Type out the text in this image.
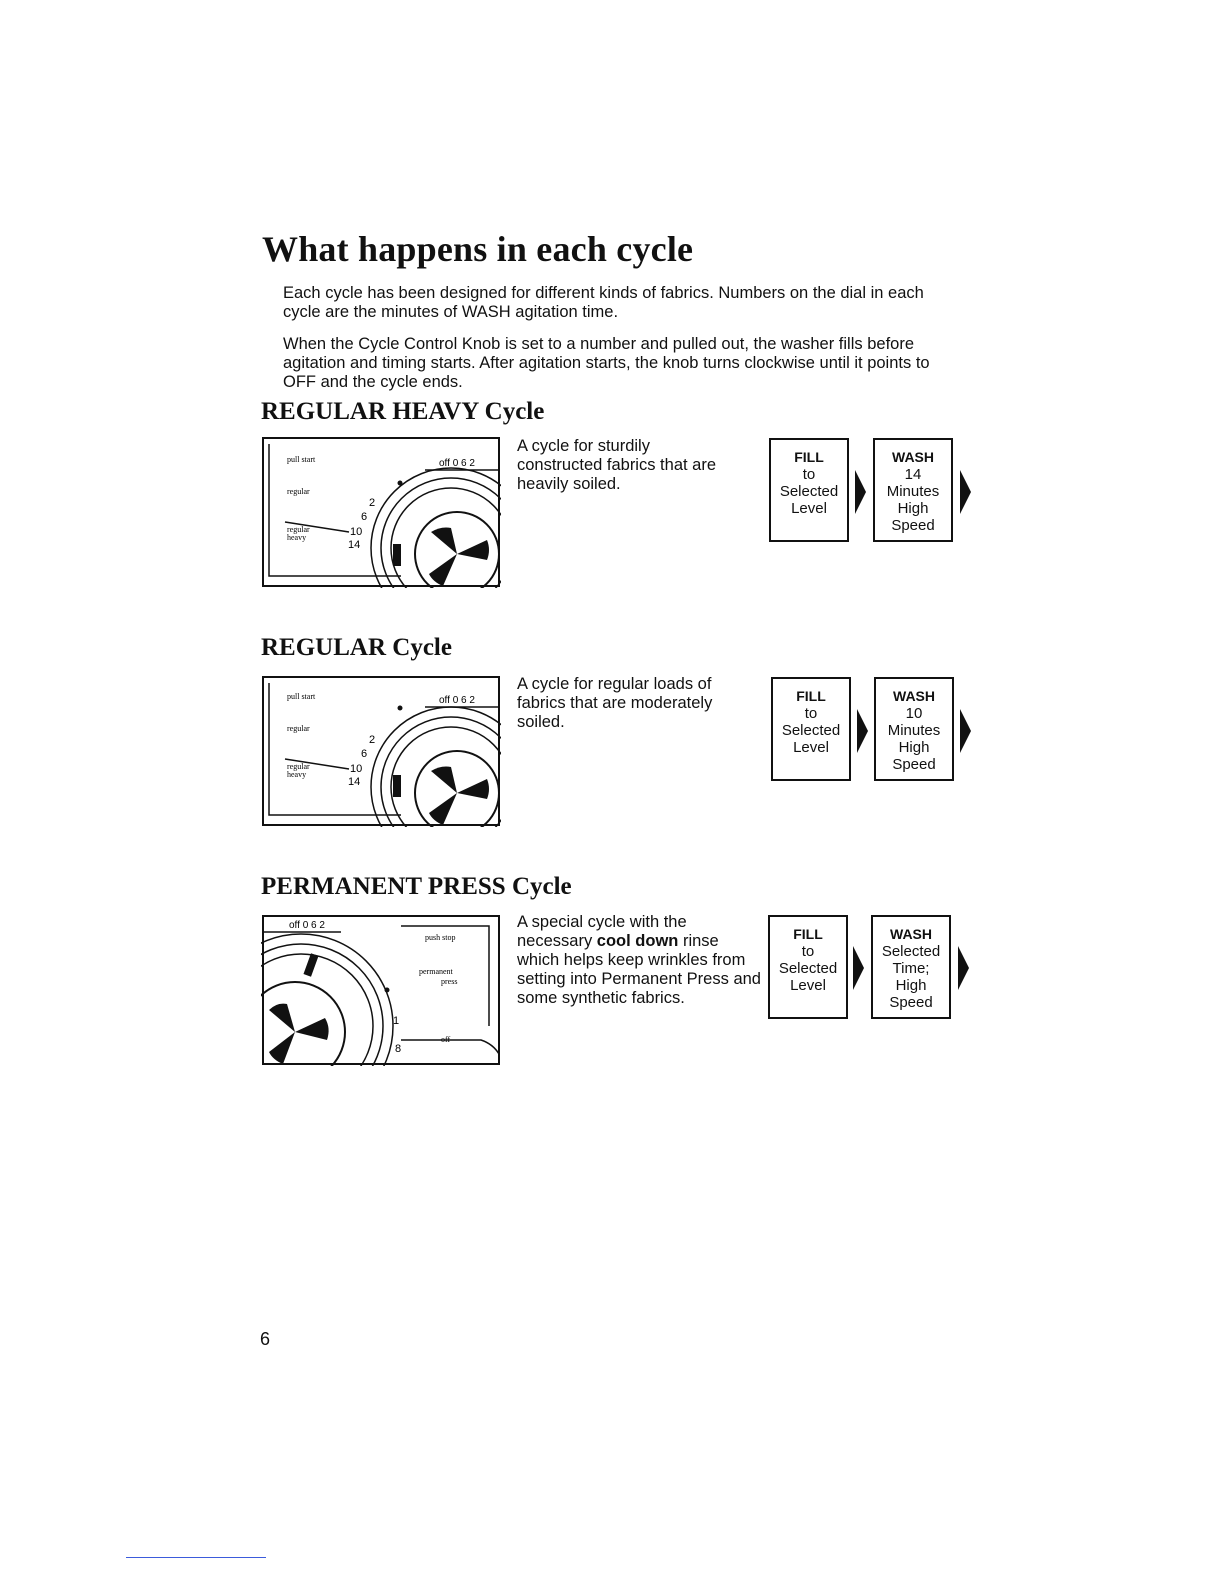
What happens in each cycle

Each cycle has been designed for different kinds of fabrics. Numbers on the dial in each cycle are the minutes of WASH agitation time.

When the Cycle Control Knob is set to a number and pulled out, the washer fills before agitation and timing starts. After agitation starts, the knob turns clockwise until it points to OFF and the cycle ends.

REGULAR HEAVY Cycle
pull start
regular
regular
heavy
2
6
10
14
off 0 6 2

A cycle for sturdily constructed fabrics that are heavily soiled.

FILL
to
Selected
Level
WASH
14
Minutes
High
Speed
REGULAR Cycle
pull start
regular
regular
heavy
2
6
10
14
off 0 6 2

A cycle for regular loads of fabrics that are moderately soiled.

FILL
to
Selected
Level
WASH
10
Minutes
High
Speed
PERMANENT PRESS Cycle
push stop
permanent
press
off
1
8
off 0 6 2	A special cycle with the necessary cool down rinse which helps keep wrinkles from setting into Permanent Press and some synthetic fabrics.

FILL
to
Selected
Level
WASH
Selected
Time;
High
Speed

6
